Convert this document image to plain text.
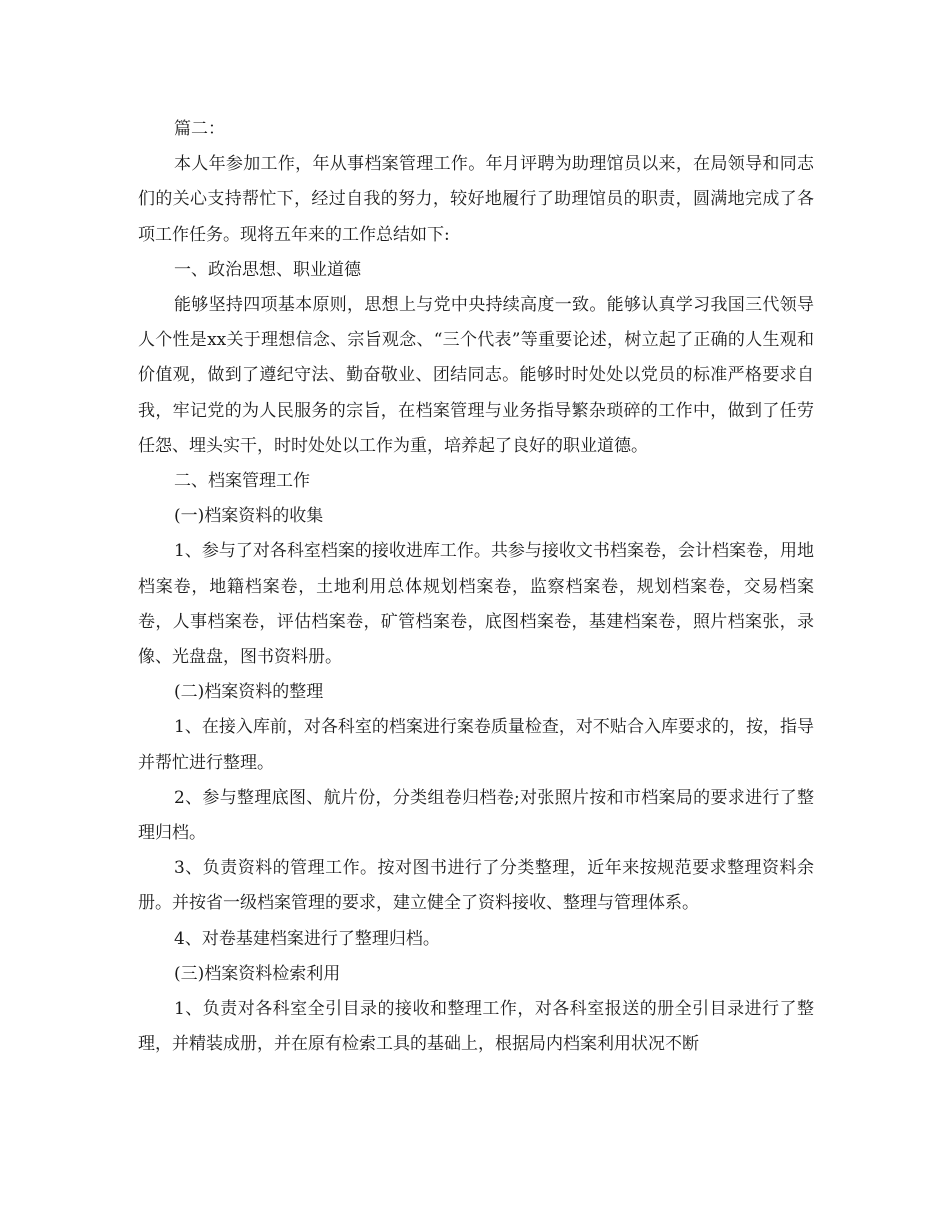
篇二：

本人年参加工作，年从事档案管理工作。年月评聘为助理馆员以来，在局领导和同志们的关心支持帮忙下，经过自我的努力，较好地履行了助理馆员的职责，圆满地完成了各项工作任务。现将五年来的工作总结如下:

一、政治思想、职业道德

能够坚持四项基本原则，思想上与党中央持续高度一致。能够认真学习我国三代领导人个性是xx关于理想信念、宗旨观念、“三个代表”等重要论述，树立起了正确的人生观和价值观，做到了遵纪守法、勤奋敬业、团结同志。能够时时处处以党员的标准严格要求自我，牢记党的为人民服务的宗旨，在档案管理与业务指导繁杂琐碎的工作中，做到了任劳任怨、埋头实干，时时处处以工作为重，培养起了良好的职业道德。

二、档案管理工作

(一)档案资料的收集

1、参与了对各科室档案的接收进库工作。共参与接收文书档案卷，会计档案卷，用地档案卷，地籍档案卷，土地利用总体规划档案卷，监察档案卷，规划档案卷，交易档案卷，人事档案卷，评估档案卷，矿管档案卷，底图档案卷，基建档案卷，照片档案张，录像、光盘盘，图书资料册。

(二)档案资料的整理

1、在接入库前，对各科室的档案进行案卷质量检查，对不贴合入库要求的，按，指导并帮忙进行整理。

2、参与整理底图、航片份，分类组卷归档卷;对张照片按和市档案局的要求进行了整理归档。

3、负责资料的管理工作。按对图书进行了分类整理，近年来按规范要求整理资料余册。并按省一级档案管理的要求，建立健全了资料接收、整理与管理体系。

4、对卷基建档案进行了整理归档。

(三)档案资料检索利用

1、负责对各科室全引目录的接收和整理工作，对各科室报送的册全引目录进行了整理，并精装成册，并在原有检索工具的基础上，根据局内档案利用状况不断
